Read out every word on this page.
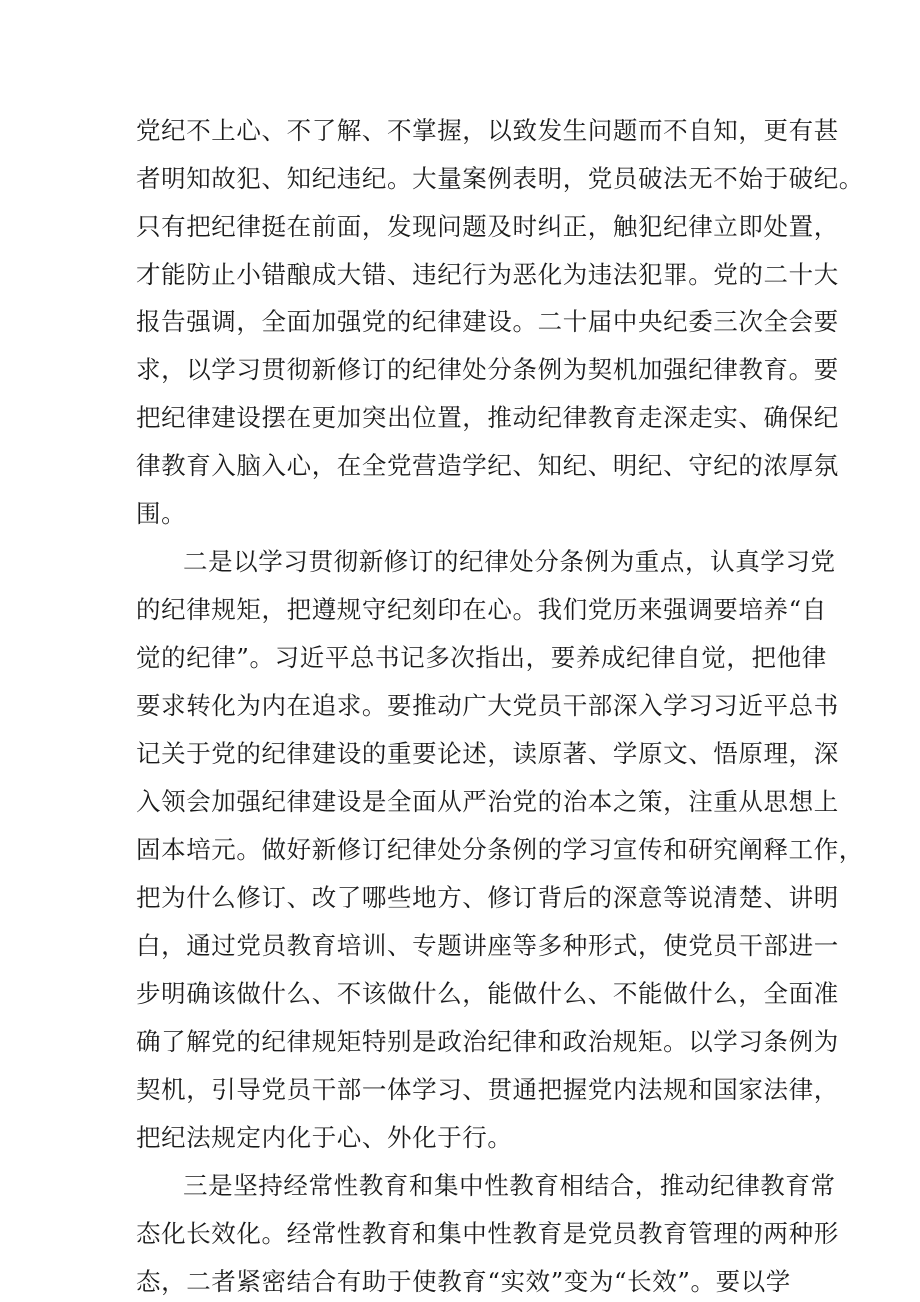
党纪不上心、不了解、不掌握，以致发生问题而不自知，更有甚
者明知故犯、知纪违纪。大量案例表明，党员破法无不始于破纪。
只有把纪律挺在前面，发现问题及时纠正，触犯纪律立即处置，
才能防止小错酿成大错、违纪行为恶化为违法犯罪。党的二十大
报告强调，全面加强党的纪律建设。二十届中央纪委三次全会要
求，以学习贯彻新修订的纪律处分条例为契机加强纪律教育。要
把纪律建设摆在更加突出位置，推动纪律教育走深走实、确保纪
律教育入脑入心，在全党营造学纪、知纪、明纪、守纪的浓厚氛
围。
二是以学习贯彻新修订的纪律处分条例为重点，认真学习党
的纪律规矩，把遵规守纪刻印在心。我们党历来强调要培养“自
觉的纪律”。习近平总书记多次指出，要养成纪律自觉，把他律
要求转化为内在追求。要推动广大党员干部深入学习习近平总书
记关于党的纪律建设的重要论述，读原著、学原文、悟原理，深
入领会加强纪律建设是全面从严治党的治本之策，注重从思想上
固本培元。做好新修订纪律处分条例的学习宣传和研究阐释工作，
把为什么修订、改了哪些地方、修订背后的深意等说清楚、讲明
白，通过党员教育培训、专题讲座等多种形式，使党员干部进一
步明确该做什么、不该做什么，能做什么、不能做什么，全面准
确了解党的纪律规矩特别是政治纪律和政治规矩。以学习条例为
契机，引导党员干部一体学习、贯通把握党内法规和国家法律，
把纪法规定内化于心、外化于行。
三是坚持经常性教育和集中性教育相结合，推动纪律教育常
态化长效化。经常性教育和集中性教育是党员教育管理的两种形
态，二者紧密结合有助于使教育“实效”变为“长效”。要以学
